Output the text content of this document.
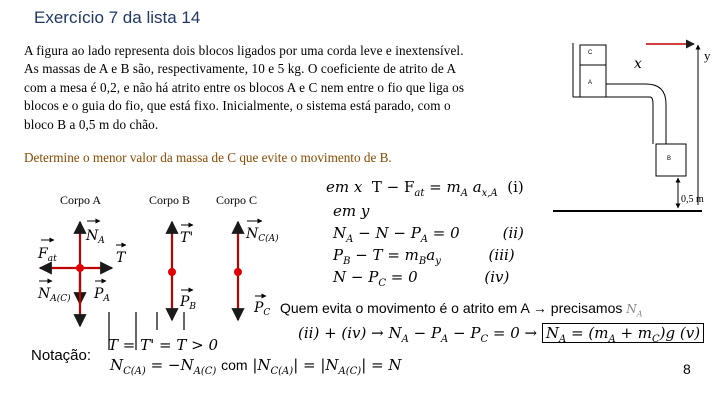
Exercício 7 da lista 14
A figura ao lado representa dois blocos ligados por uma corda leve e inextensível.
As massas de A e B são, respectivamente, 10 e 5 kg. O coeficiente de atrito de A
com a mesa é 0,2, e não há atrito entre os blocos A e C nem entre o fio que liga os
blocos e o guia do fio, que está fixo. Inicialmente, o sistema está parado, com o
bloco B a 0,5 m do chão.
Determine o menor valor da massa de C que evite o movimento de B.
Corpo A	Corpo B Corpo C
$N_A$
$F_{at}$	T
$N_{A(C)}$ $P_A$
T'
$P_B$
$N_{C(A)}$
$P_C$
C
A
B
x
y
0,5 m
em x $T - F_{at} = m_A$ $a_{x,A}$ (i)
em y
$N_A - N - P_A = 0$         (ii)
$P_B - T = m_Ba_y$	(iii)
$N - P_C = 0$              (iv)
Quem evita o movimento é o atrito em A → precisamos $N_A$
$(ii) + (iv) \to N_A - P_A - P_C = 0 \to N_A = (m_A + m_C)g$ (v)
Notação:
T = T' = T > 0
$N_{C(A)} = -N_{A(C)}$ com $|N_{C(A)}| = |N_{A(C)}| = N$	8
